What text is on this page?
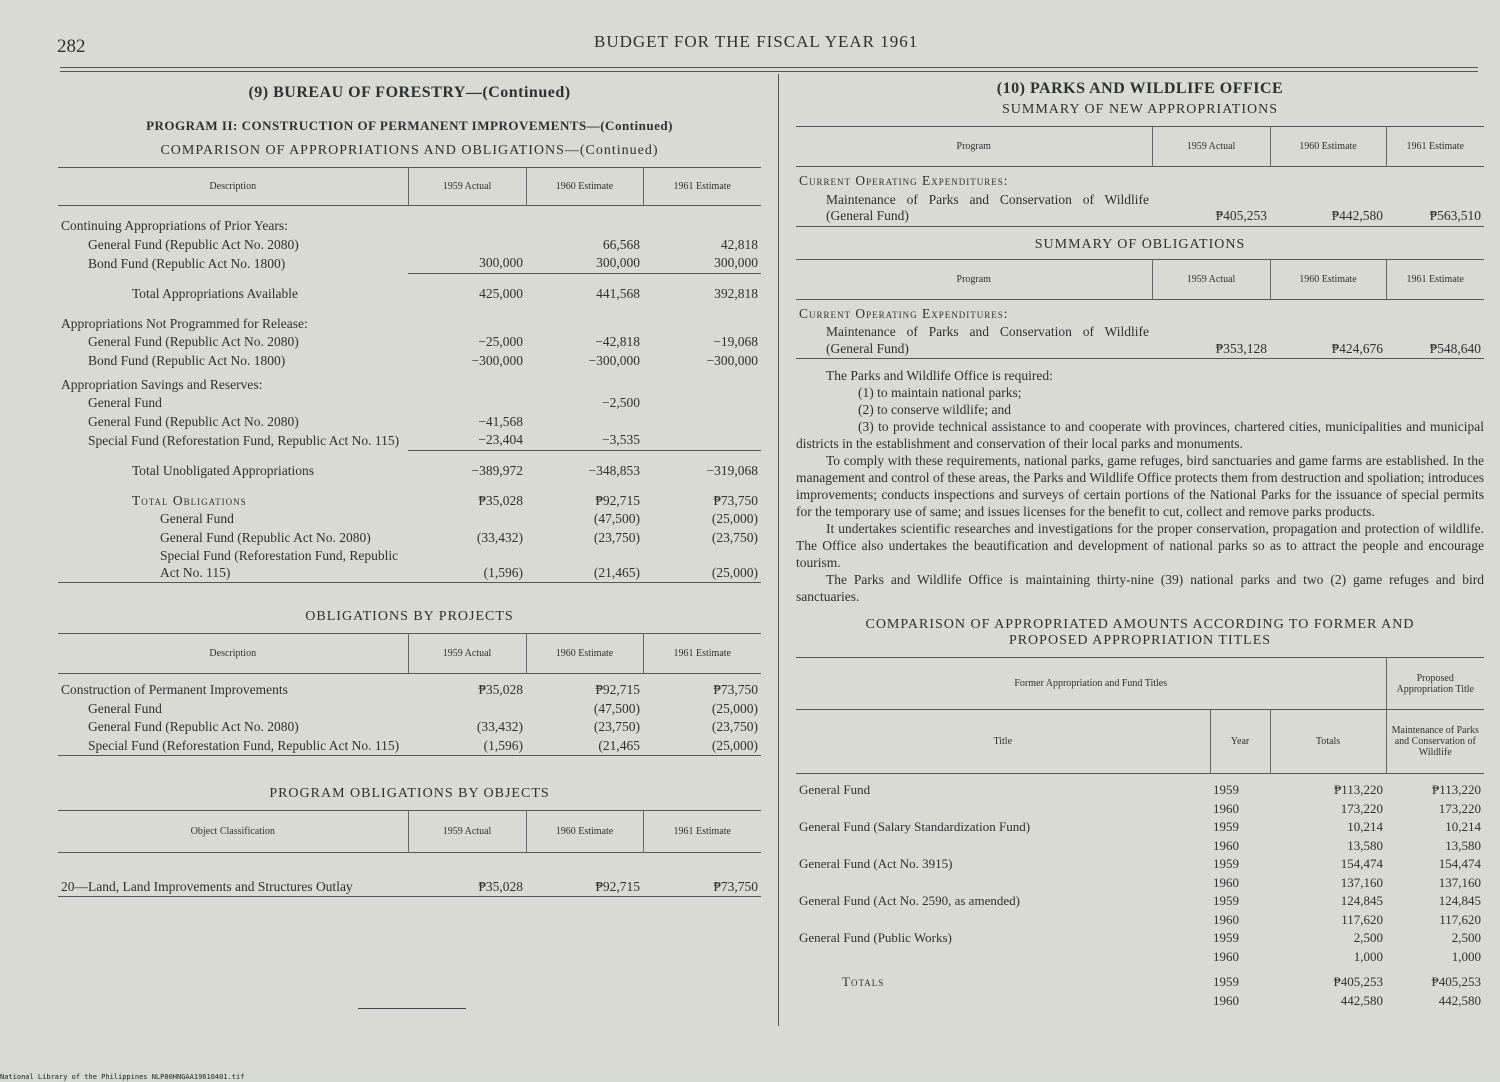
282	BUDGET FOR THE FISCAL YEAR 1961
(9) BUREAU OF FORESTRY—(Continued)
PROGRAM II: CONSTRUCTION OF PERMANENT IMPROVEMENTS—(Continued)
COMPARISON OF APPROPRIATIONS AND OBLIGATIONS—(Continued)
Description	1959 Actual	1960 Estimate	1961 Estimate
Continuing Appropriations of Prior Years:			
General Fund (Republic Act No. 2080)		66,568	42,818
Bond Fund (Republic Act No. 1800)	300,000	300,000	300,000
Total Appropriations Available	425,000	441,568	392,818
Appropriations Not Programmed for Release:			
General Fund (Republic Act No. 2080)	−25,000	−42,818	−19,068
Bond Fund (Republic Act No. 1800)	−300,000	−300,000	−300,000
Appropriation Savings and Reserves:			
General Fund		−2,500	
General Fund (Republic Act No. 2080)	−41,568		
Special Fund (Reforestation Fund, Republic Act No. 115)	−23,404	−3,535	
Total Unobligated Appropriations	−389,972	−348,853	−319,068
Total Obligations	₱35,028	₱92,715	₱73,750
General Fund		(47,500)	(25,000)
General Fund (Republic Act No. 2080)	(33,432)	(23,750)	(23,750)
Special Fund (Reforestation Fund, Republic Act No. 115)	(1,596)	(21,465)	(25,000)
OBLIGATIONS BY PROJECTS
Description	1959 Actual	1960 Estimate	1961 Estimate
Construction of Permanent Improvements	₱35,028	₱92,715	₱73,750
General Fund		(47,500)	(25,000)
General Fund (Republic Act No. 2080)	(33,432)	(23,750)	(23,750)
Special Fund (Reforestation Fund, Republic Act No. 115)	(1,596)	(21,465	(25,000)
PROGRAM OBLIGATIONS BY OBJECTS
Object Classification	1959 Actual	1960 Estimate	1961 Estimate
20—Land, Land Improvements and Structures Outlay	₱35,028	₱92,715	₱73,750
(10) PARKS AND WILDLIFE OFFICE
SUMMARY OF NEW APPROPRIATIONS
Program	1959 Actual	1960 Estimate	1961 Estimate
Current Operating Expenditures:			
Maintenance of Parks and Conservation of Wildlife (General Fund)	₱405,253	₱442,580	₱563,510
SUMMARY OF OBLIGATIONS
Program	1959 Actual	1960 Estimate	1961 Estimate
Current Operating Expenditures:			
Maintenance of Parks and Conservation of Wildlife (General Fund)	₱353,128	₱424,676	₱548,640

The Parks and Wildlife Office is required:

(1) to maintain national parks;

(2) to conserve wildlife; and

(3) to provide technical assistance to and cooperate with provinces, chartered cities, municipalities and municipal districts in the establishment and conservation of their local parks and monuments.

To comply with these requirements, national parks, game refuges, bird sanctuaries and game farms are established. In the management and control of these areas, the Parks and Wildlife Office protects them from destruction and spoliation; introduces improvements; conducts inspections and surveys of certain portions of the National Parks for the issuance of special permits for the temporary use of same; and issues licenses for the benefit to cut, collect and remove parks products.

It undertakes scientific researches and investigations for the proper conservation, propagation and protection of wildlife. The Office also undertakes the beautification and development of national parks so as to attract the people and encourage tourism.

The Parks and Wildlife Office is maintaining thirty-nine (39) national parks and two (2) game refuges and bird sanctuaries.

COMPARISON OF APPROPRIATED AMOUNTS ACCORDING TO FORMER AND
PROPOSED APPROPRIATION TITLES
Former Appropriation and Fund Titles			Proposed Appropriation Title
Title	Year	Totals	Maintenance of Parks and Conservation of Wildlife
General Fund	1959	₱113,220	₱113,220
	1960	173,220	173,220
General Fund (Salary Standardization Fund)	1959	10,214	10,214
	1960	13,580	13,580
General Fund (Act No. 3915)	1959	154,474	154,474
	1960	137,160	137,160
General Fund (Act No. 2590, as amended)	1959	124,845	124,845
	1960	117,620	117,620
General Fund (Public Works)	1959	2,500	2,500
	1960	1,000	1,000
Totals	1959	₱405,253	₱405,253
	1960	442,580	442,580
National Library of the Philippines NLP00HNGAA19610401.tif
